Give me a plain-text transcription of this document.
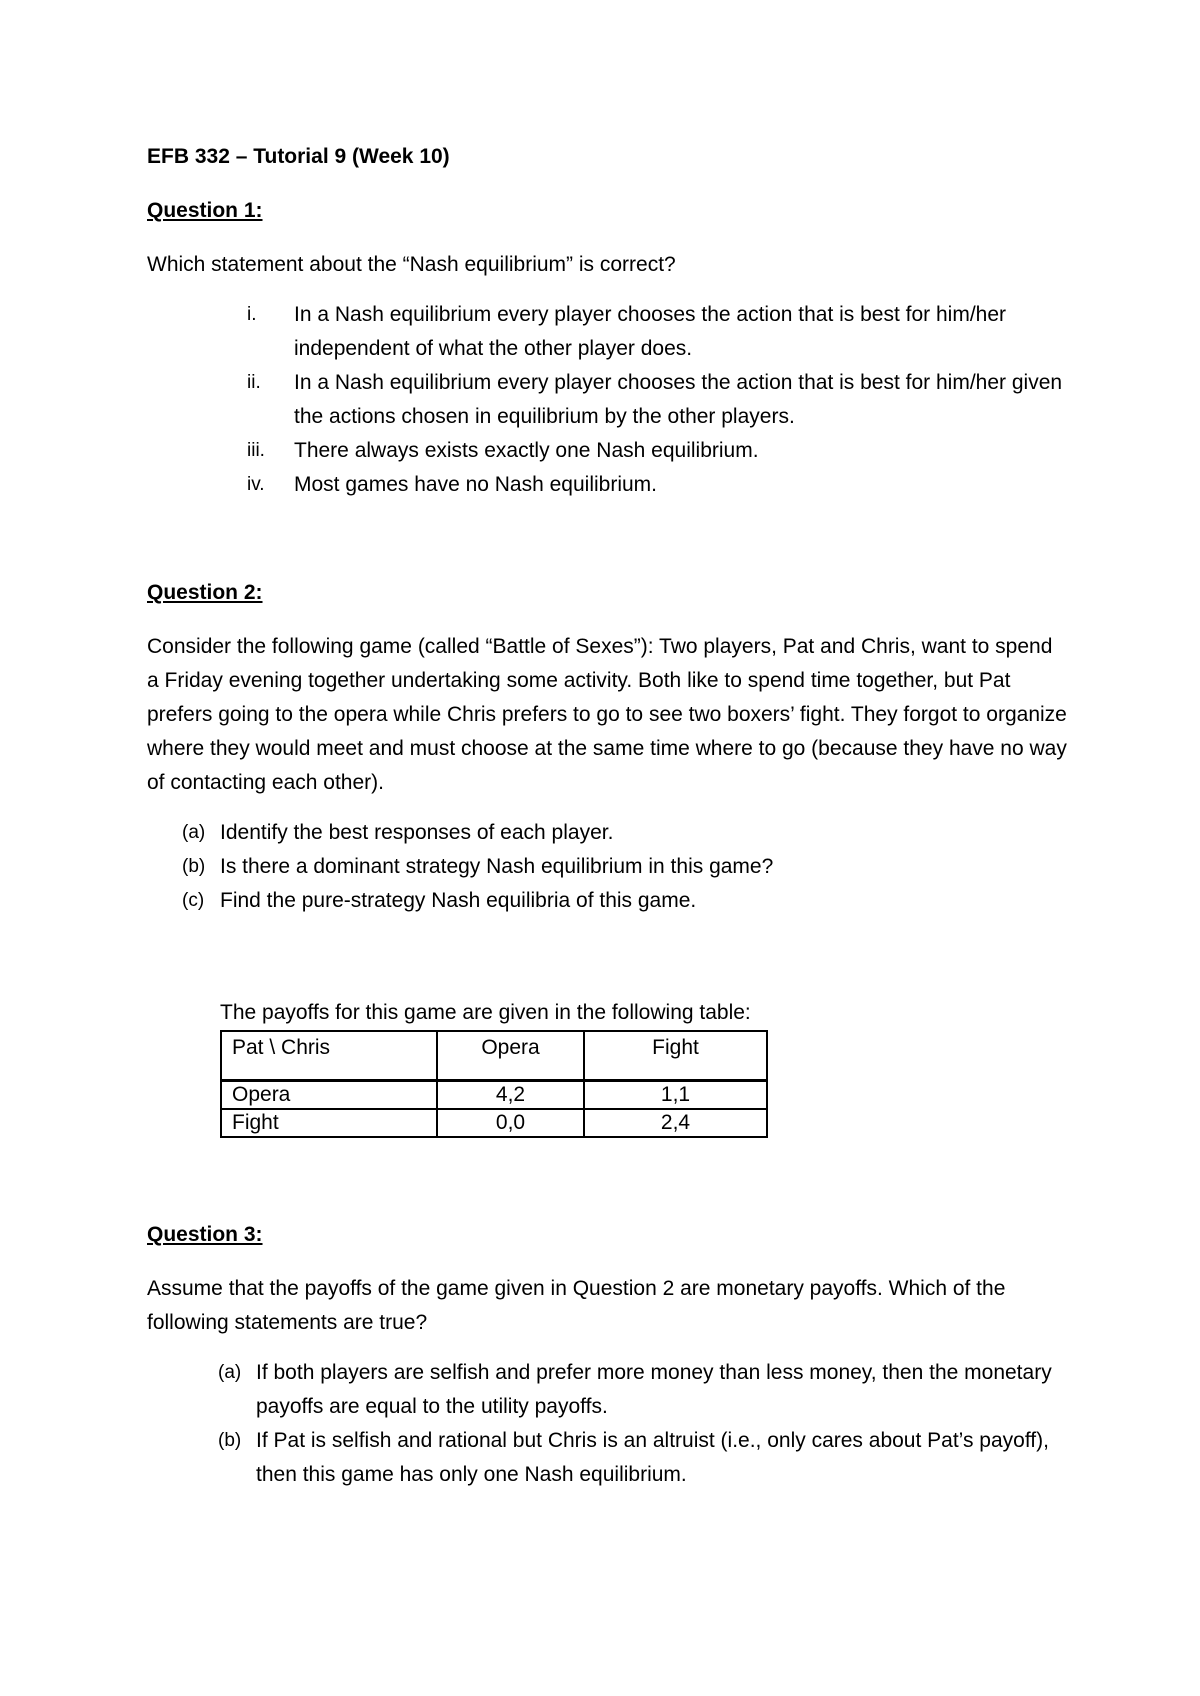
EFB 332 – Tutorial 9 (Week 10)

Question 1:

Which statement about the “Nash equilibrium” is correct?

i. In a Nash equilibrium every player chooses the action that is best for him/her independent of what the other player does.
ii. In a Nash equilibrium every player chooses the action that is best for him/her given the actions chosen in equilibrium by the other players.
iii. There always exists exactly one Nash equilibrium.
iv. Most games have no Nash equilibrium.

Question 2:

Consider the following game (called “Battle of Sexes”): Two players, Pat and Chris, want to spend a Friday evening together undertaking some activity. Both like to spend time together, but Pat prefers going to the opera while Chris prefers to go to see two boxers’ fight. They forgot to organize where they would meet and must choose at the same time where to go (because they have no way of contacting each other).

(a) Identify the best responses of each player.
(b) Is there a dominant strategy Nash equilibrium in this game?
(c) Find the pure-strategy Nash equilibria of this game.

The payoffs for this game are given in the following table:

Pat \ Chris	Opera	Fight
Opera	4,2	1,1
Fight	0,0	2,4

Question 3:

Assume that the payoffs of the game given in Question 2 are monetary payoffs. Which of the following statements are true?

(a) If both players are selfish and prefer more money than less money, then the monetary payoffs are equal to the utility payoffs.
(b) If Pat is selfish and rational but Chris is an altruist (i.e., only cares about Pat’s payoff), then this game has only one Nash equilibrium.
